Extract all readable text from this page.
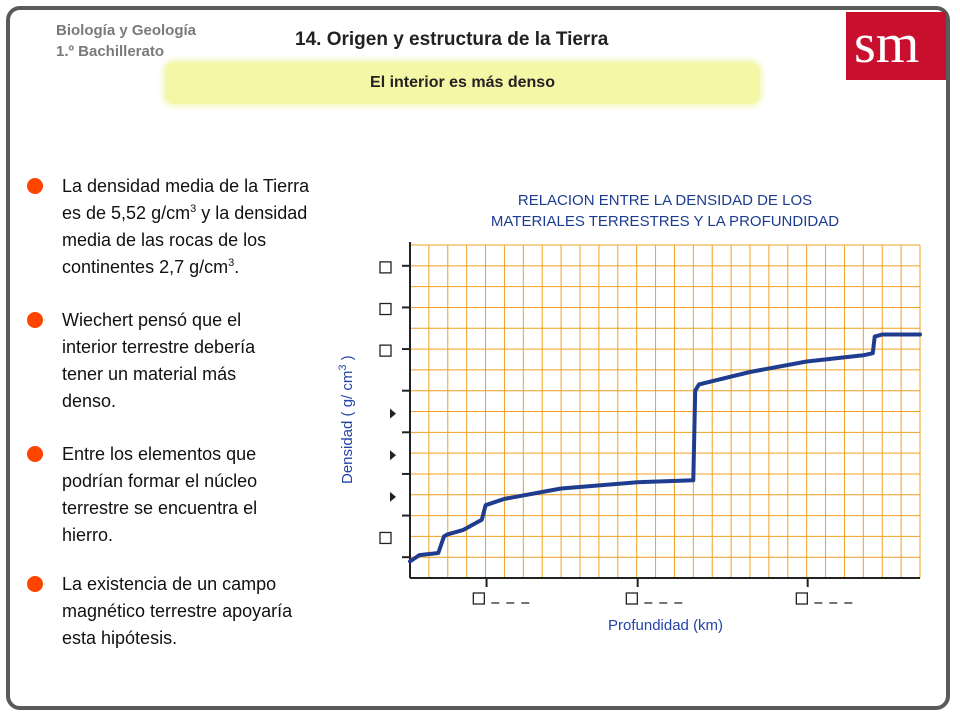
Biología y Geología
1.º Bachillerato
14. Origen y estructura de la Tierra	sm
El interior es más denso
La densidad media de la Tierra
es de 5,52 $g/cm^3$ y la densidad
media de las rocas de los
continentes 2,7 $g/cm^3$.
Wiechert pensó que el
interior terrestre debería
tener un material más
denso.
Entre los elementos que
podrían formar el núcleo
terrestre se encuentra el
hierro.
La existencia de un campo
magnético terrestre apoyaría
esta hipótesis.
RELACION ENTRE LA DENSIDAD DE LOS
MATERIALES TERRESTRES Y LA PROFUNDIDAD
Densidad ( g/ $cm^3$ )
Profundidad (km)
